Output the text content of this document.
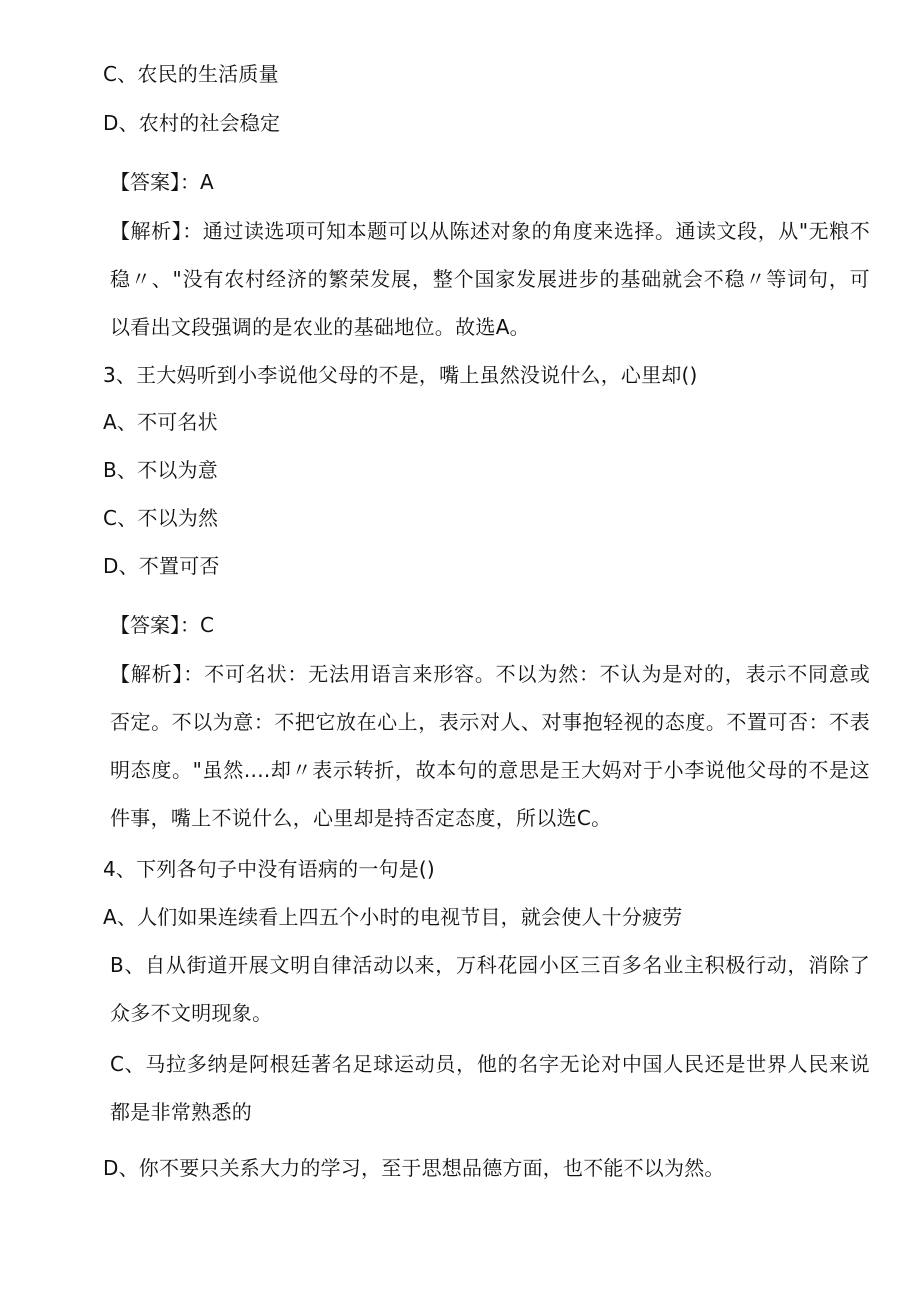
C、农民的生活质量
D、农村的社会稳定
【答案】：A
【解析】：通过读选项可知本题可以从陈述对象的角度来选择。通读文段，从"无粮不稳〃、"没有农村经济的繁荣发展，整个国家发展进步的基础就会不稳〃等词句，可以看出文段强调的是农业的基础地位。故选A。
3、王大妈听到小李说他父母的不是，嘴上虽然没说什么，心里却()
A、不可名状
B、不以为意
C、不以为然
D、不置可否
【答案】：C
【解析】：不可名状：无法用语言来形容。不以为然：不认为是对的，表示不同意或否定。不以为意：不把它放在心上，表示对人、对事抱轻视的态度。不置可否：不表明态度。"虽然....却〃表示转折，故本句的意思是王大妈对于小李说他父母的不是这件事，嘴上不说什么，心里却是持否定态度，所以选C。
4、下列各句子中没有语病的一句是()
A、人们如果连续看上四五个小时的电视节目，就会使人十分疲劳
B、自从街道开展文明自律活动以来，万科花园小区三百多名业主积极行动，消除了众多不文明现象。
C、马拉多纳是阿根廷著名足球运动员，他的名字无论对中国人民还是世界人民来说都是非常熟悉的
D、你不要只关系大力的学习，至于思想品德方面，也不能不以为然。
